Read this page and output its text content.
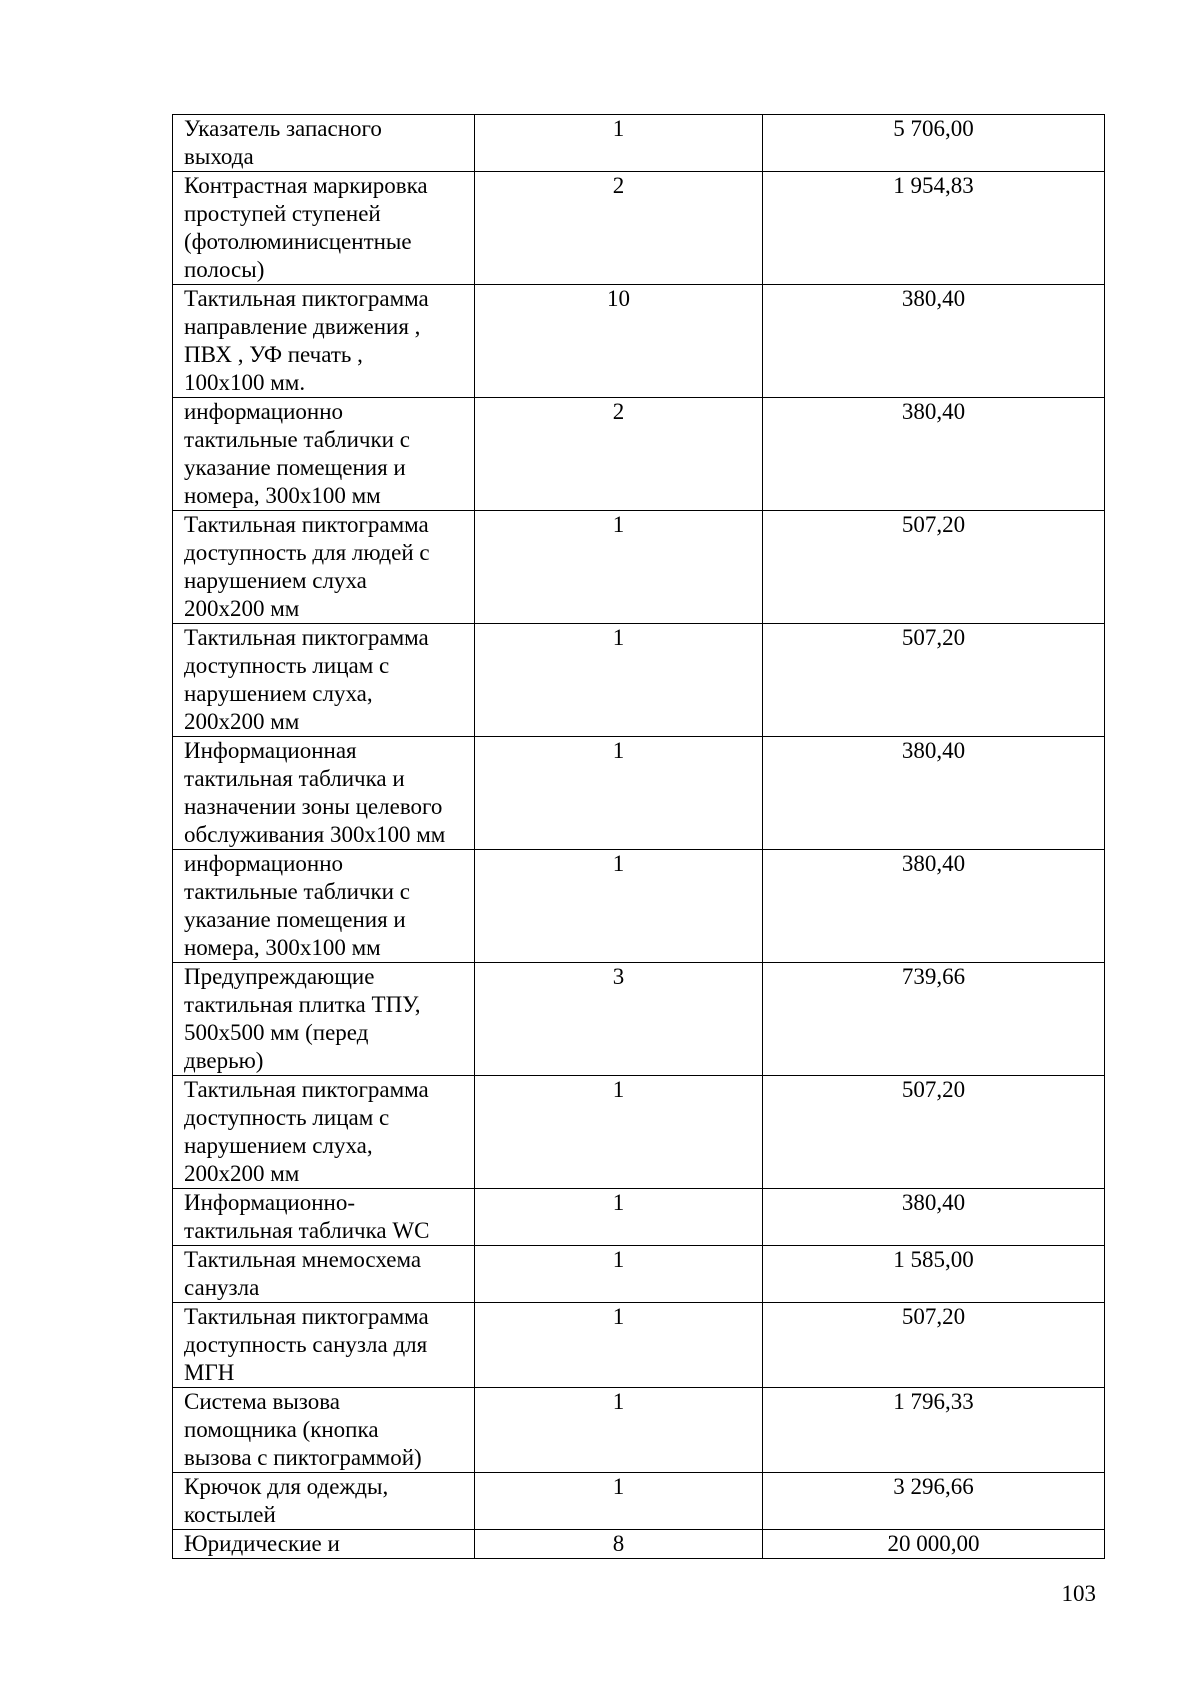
Указатель запасного
выхода	1	5 706,00
Контрастная маркировка
проступей ступеней
(фотолюминисцентные
полосы)	2	1 954,83
Тактильная пиктограмма
направление движения ,
ПВХ , УФ печать ,
100х100 мм.	10	380,40
информационно
тактильные таблички с
указание помещения и
номера, 300х100 мм	2	380,40
Тактильная пиктограмма
доступность для людей с
нарушением слуха
200х200 мм	1	507,20
Тактильная пиктограмма
доступность лицам с
нарушением слуха,
200х200 мм	1	507,20
Информационная
тактильная табличка и
назначении зоны целевого
обслуживания 300х100 мм	1	380,40
информационно
тактильные таблички с
указание помещения и
номера, 300х100 мм	1	380,40
Предупреждающие
тактильная плитка ТПУ,
500х500 мм (перед
дверью)	3	739,66
Тактильная пиктограмма
доступность лицам с
нарушением слуха,
200х200 мм	1	507,20
Информационно-
тактильная табличка WC	1	380,40
Тактильная мнемосхема
санузла	1	1 585,00
Тактильная пиктограмма
доступность санузла для
МГН	1	507,20
Система вызова
помощника (кнопка
вызова с пиктограммой)	1	1 796,33
Крючок для одежды,
костылей	1	3 296,66
Юридические и	8	20 000,00
103
